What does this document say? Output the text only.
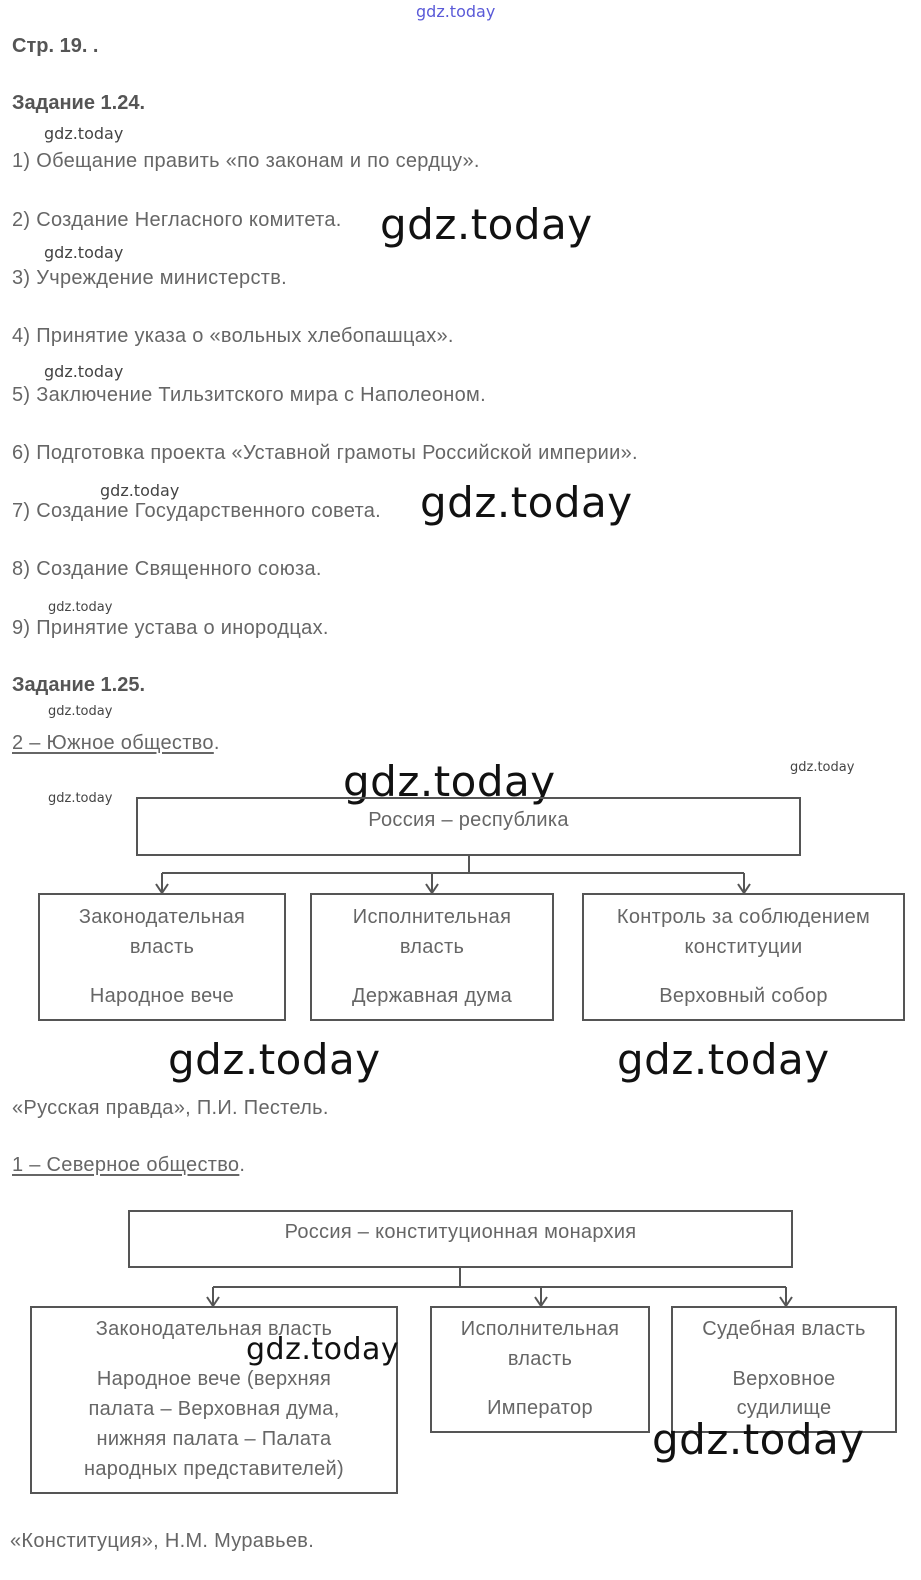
gdz.today
Стр. 19. .
Задание 1.24.
gdz.today
1) Обещание править «по законам и по сердцу».
2) Создание Негласного комитета. gdz.today
gdz.today
3) Учреждение министерств.
4) Принятие указа о «вольных хлебопашцах».
gdz.today
5) Заключение Тильзитского мира с Наполеоном.
6) Подготовка проекта «Уставной грамоты Российской империи».
gdz.today
7) Создание Государственного совета. gdz.today
8) Создание Священного союза.
gdz.today
9) Принятие устава о инородцах.
Задание 1.25.
gdz.today
2 – Южное общество.
gdz.today	gdz.today
gdz.today
Россия – республика
Законодательная
власть
Народное вече
Исполнительная
власть
Державная дума
Контроль за соблюдением
конституции
Верховный собор
gdz.today	gdz.today
«Русская правда», П.И. Пестель.
1 – Северное общество.
Россия – конституционная монархия
Законодательная власть
Народное вече (верхняя
палата – Верховная дума,
нижняя палата – Палата
народных представителей)
Исполнительная
власть
Император
Судебная власть
Верховное
судилище
gdz.today
gdz.today
«Конституция», Н.М. Муравьев.
